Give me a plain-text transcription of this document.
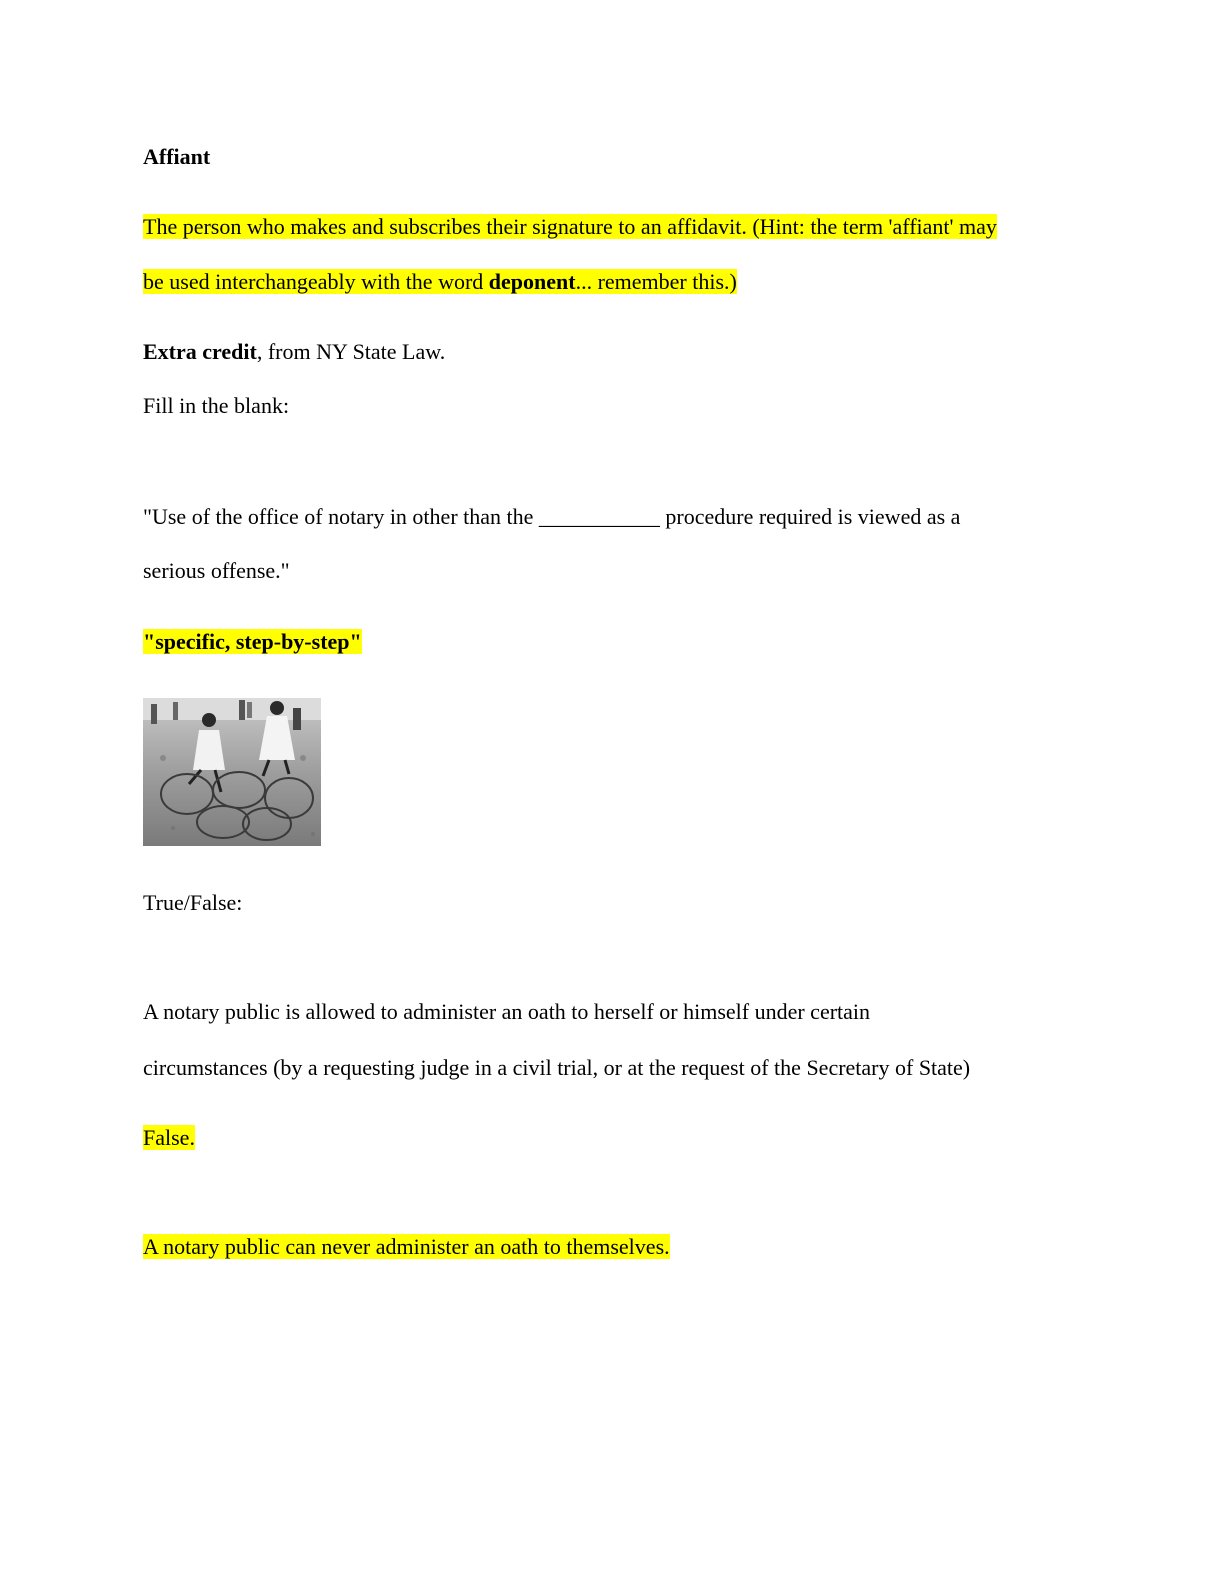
Affiant
The person who makes and subscribes their signature to an affidavit. (Hint: the term 'affiant' may
be used interchangeably with the word deponent... remember this.)
Extra credit, from NY State Law.
Fill in the blank:
"Use of the office of notary in other than the ___________ procedure required is viewed as a
serious offense."
"specific, step-by-step"
True/False:
A notary public is allowed to administer an oath to herself or himself under certain
circumstances (by a requesting judge in a civil trial, or at the request of the Secretary of State)
False.
A notary public can never administer an oath to themselves.
